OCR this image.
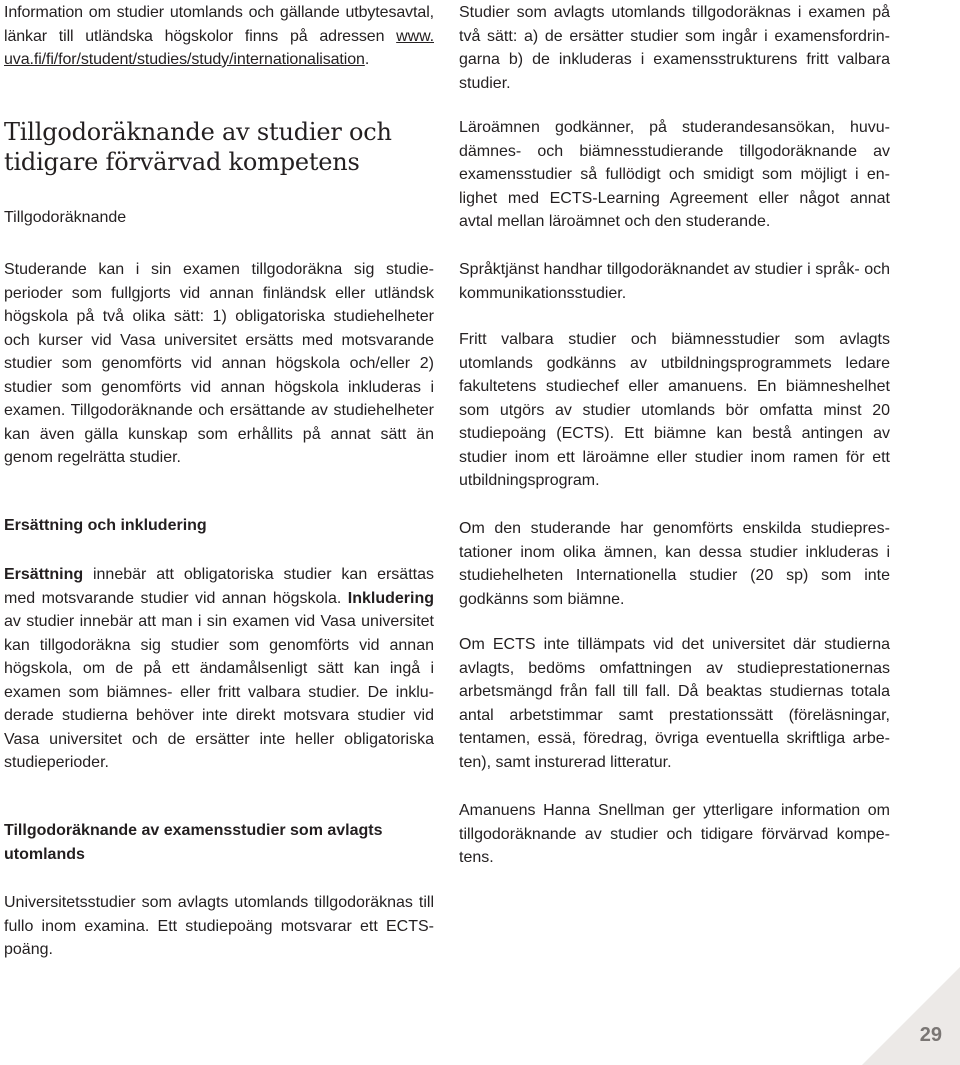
Information om studier utomlands och gällande utbytesavtal, länkar till utländska högskolor finns på adressen www.​uva.fi/fi/for/student/studies/study/internationalisation.

Tillgodoräknande av studier och tidigare förvärvad kompetens
Tillgodoräknande

Studerande kan i sin examen tillgodoräkna sig studieperioder som fullgjorts vid annan finländsk eller utländsk högskola på två olika sätt: 1) obligatoriska studiehelheter och kurser vid Vasa universitet ersätts med motsvarande studier som genomförts vid annan högskola och/eller 2) studier som genomförts vid annan högskola inkluderas i examen. Tillgodoräknande och ersättande av studiehelheter kan även gälla kunskap som erhållits på annat sätt än genom regelrätta studier.

Ersättning och inkludering

Ersättning innebär att obligatoriska studier kan ersättas med motsvarande studier vid annan högskola. Inkludering av studier innebär att man i sin examen vid Vasa universitet kan tillgodoräkna sig studier som genomförts vid annan högskola, om de på ett ändamålsenligt sätt kan ingå i examen som biämnes- eller fritt valbara studier. De inkluderade studierna behöver inte direkt motsvara studier vid Vasa universitet och de ersätter inte heller obligatoriska studieperioder.

Tillgodoräknande av examensstudier som avlagts utomlands

Universitetsstudier som avlagts utomlands tillgodoräknas till fullo inom examina. Ett studiepoäng motsvarar ett ECTS-poäng.

Studier som avlagts utomlands tillgodoräknas i examen på två sätt: a) de ersätter studier som ingår i examensfordringarna b) de inkluderas i examensstrukturens fritt valbara studier.

Läroämnen godkänner, på studerandesansökan, huvudämnes- och biämnesstudierande tillgodoräknande av examensstudier så fullödigt och smidigt som möjligt i enlighet med ECTS-Learning Agreement eller något annat avtal mellan läroämnet och den studerande.

Språktjänst handhar tillgodoräknandet av studier i språk- och kommunikationsstudier.

Fritt valbara studier och biämnesstudier som avlagts utomlands godkänns av utbildningsprogrammets ledare fakultetens studiechef eller amanuens. En biämneshelhet som utgörs av studier utomlands bör omfatta minst 20 studiepoäng (ECTS). Ett biämne kan bestå antingen av studier inom ett läroämne eller studier inom ramen för ett utbildningsprogram.

Om den studerande har genomförts enskilda studieprestationer inom olika ämnen, kan dessa studier inkluderas i studiehelheten Internationella studier (20 sp) som inte godkänns som biämne.

Om ECTS inte tillämpats vid det universitet där studierna avlagts, bedöms omfattningen av studieprestationernas arbetsmängd från fall till fall. Då beaktas studiernas totala antal arbetstimmar samt prestationssätt (föreläsningar, tentamen, essä, föredrag, övriga eventuella skriftliga arbeten), samt insturerad litteratur.

Amanuens Hanna Snellman ger ytterligare information om tillgodoräknande av studier och tidigare förvärvad kompetens.

29
